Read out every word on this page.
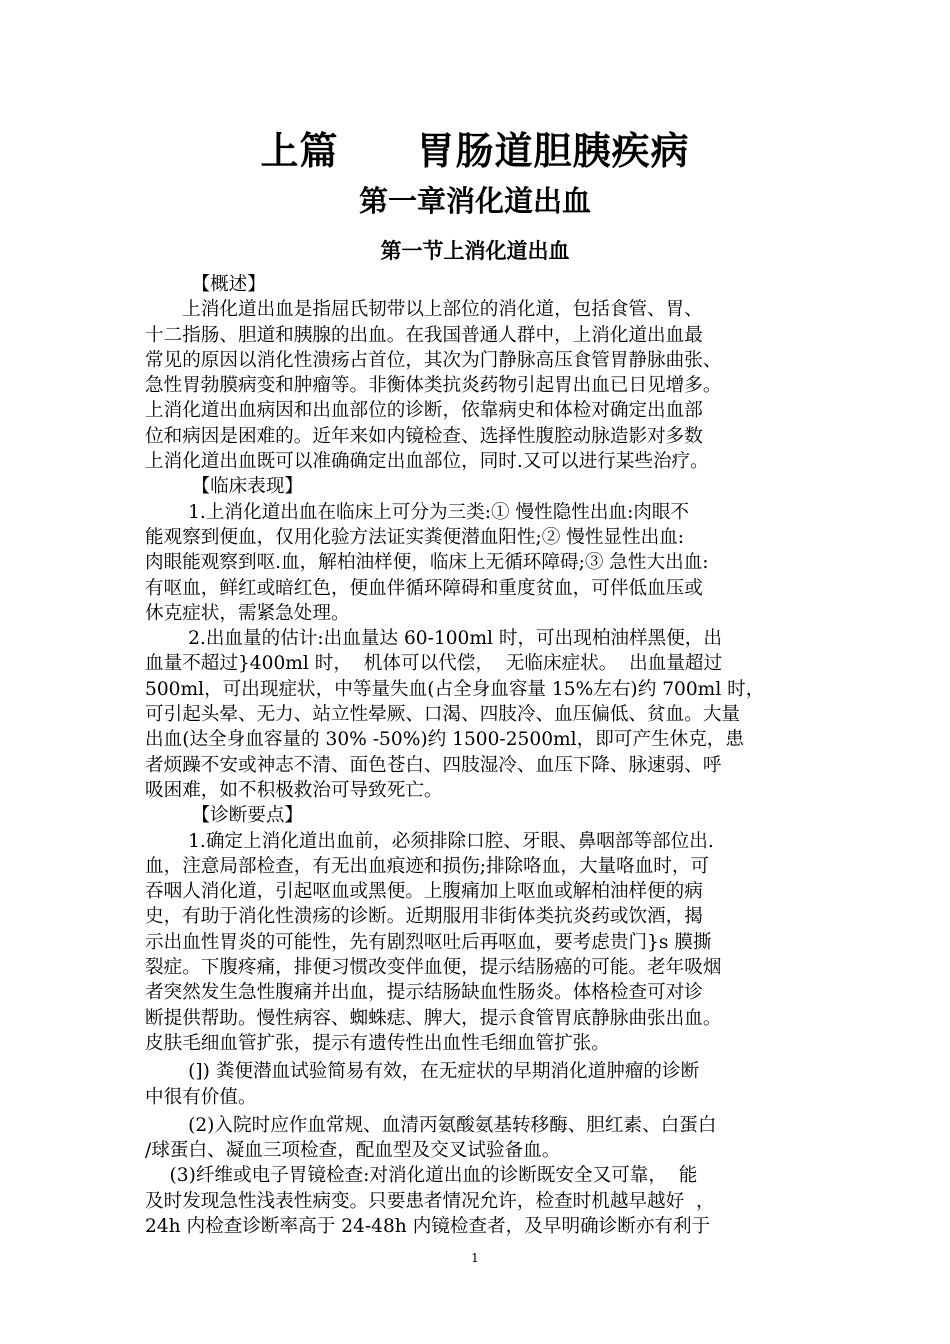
上篇　　胃肠道胆胰疾病
第一章消化道出血
第一节上消化道出血
　　　【概述】
　　上消化道出血是指屈氏韧带以上部位的消化道，包括食管、胃、
十二指肠、胆道和胰腺的出血。在我国普通人群中，上消化道出血最
常见的原因以消化性溃疡占首位，其次为门静脉高压食管胃静脉曲张、
急性胃勃膜病变和肿瘤等。非衡体类抗炎药物引起胃出血已日见增多。
上消化道出血病因和出血部位的诊断，依靠病史和体检对确定出血部
位和病因是困难的。近年来如内镜检查、选择性腹腔动脉造影对多数
上消化道出血既可以准确确定出血部位，同时.又可以进行某些治疗。
　　　【临床表现】
　　 1.上消化道出血在临床上可分为三类:① 慢性隐性出血:肉眼不
能观察到便血，仅用化验方法证实粪便潜血阳性;② 慢性显性出血:
肉眼能观察到呕.血，解柏油样便，临床上无循环障碍;③ 急性大出血:
有呕血，鲜红或暗红色，便血伴循环障碍和重度贫血，可伴低血压或
休克症状，需紧急处理。
　　 2.出血量的估计:出血量达 60-100ml 时，可出现柏油样黑便，出
血量不超过}400ml 时，  机体可以代偿，  无临床症状。  出血量超过
500ml，可出现症状，中等量失血(占全身血容量 15%左右)约 700ml 时，
可引起头晕、无力、站立性晕厥、口渴、四肢冷、血压偏低、贫血。大量
出血(达全身血容量的 30% -50%)约 1500-2500ml，即可产生休克，患
者烦躁不安或神志不清、面色苍白、四肢湿冷、血压下降、脉速弱、呼
吸困难，如不积极救治可导致死亡。
　　　【诊断要点】
　　 1.确定上消化道出血前，必须排除口腔、牙眼、鼻咽部等部位出.
血，注意局部检查，有无出血痕迹和损伤;排除咯血，大量咯血时，可
吞咽人消化道，引起呕血或黑便。上腹痛加上呕血或解柏油样便的病
史，有助于消化性溃疡的诊断。近期服用非街体类抗炎药或饮酒，揭
示出血性胃炎的可能性，先有剧烈呕吐后再呕血，要考虑贵门}s 膜撕
裂症。下腹疼痛，排便习惯改变伴血便，提示结肠癌的可能。老年吸烟
者突然发生急性腹痛并出血，提示结肠缺血性肠炎。体格检查可对诊
断提供帮助。慢性病容、蜘蛛痣、脾大，提示食管胃底静脉曲张出血。
皮肤毛细血管扩张，提示有遗传性出血性毛细血管扩张。
　　 (]) 粪便潜血试验简易有效，在无症状的早期消化道肿瘤的诊断
中很有价值。
　　 (2)入院时应作血常规、血清丙氨酸氨基转移酶、胆红素、白蛋白
/球蛋白、凝血三项检查，配血型及交叉试验备血。
　 (3)纤维或电子胃镜检查:对消化道出血的诊断既安全又可靠，  能
及时发现急性浅表性病变。只要患者情况允许，检查时机越早越好  ，
24h 内检查诊断率高于 24-48h 内镜检查者，及早明确诊断亦有利于
1
